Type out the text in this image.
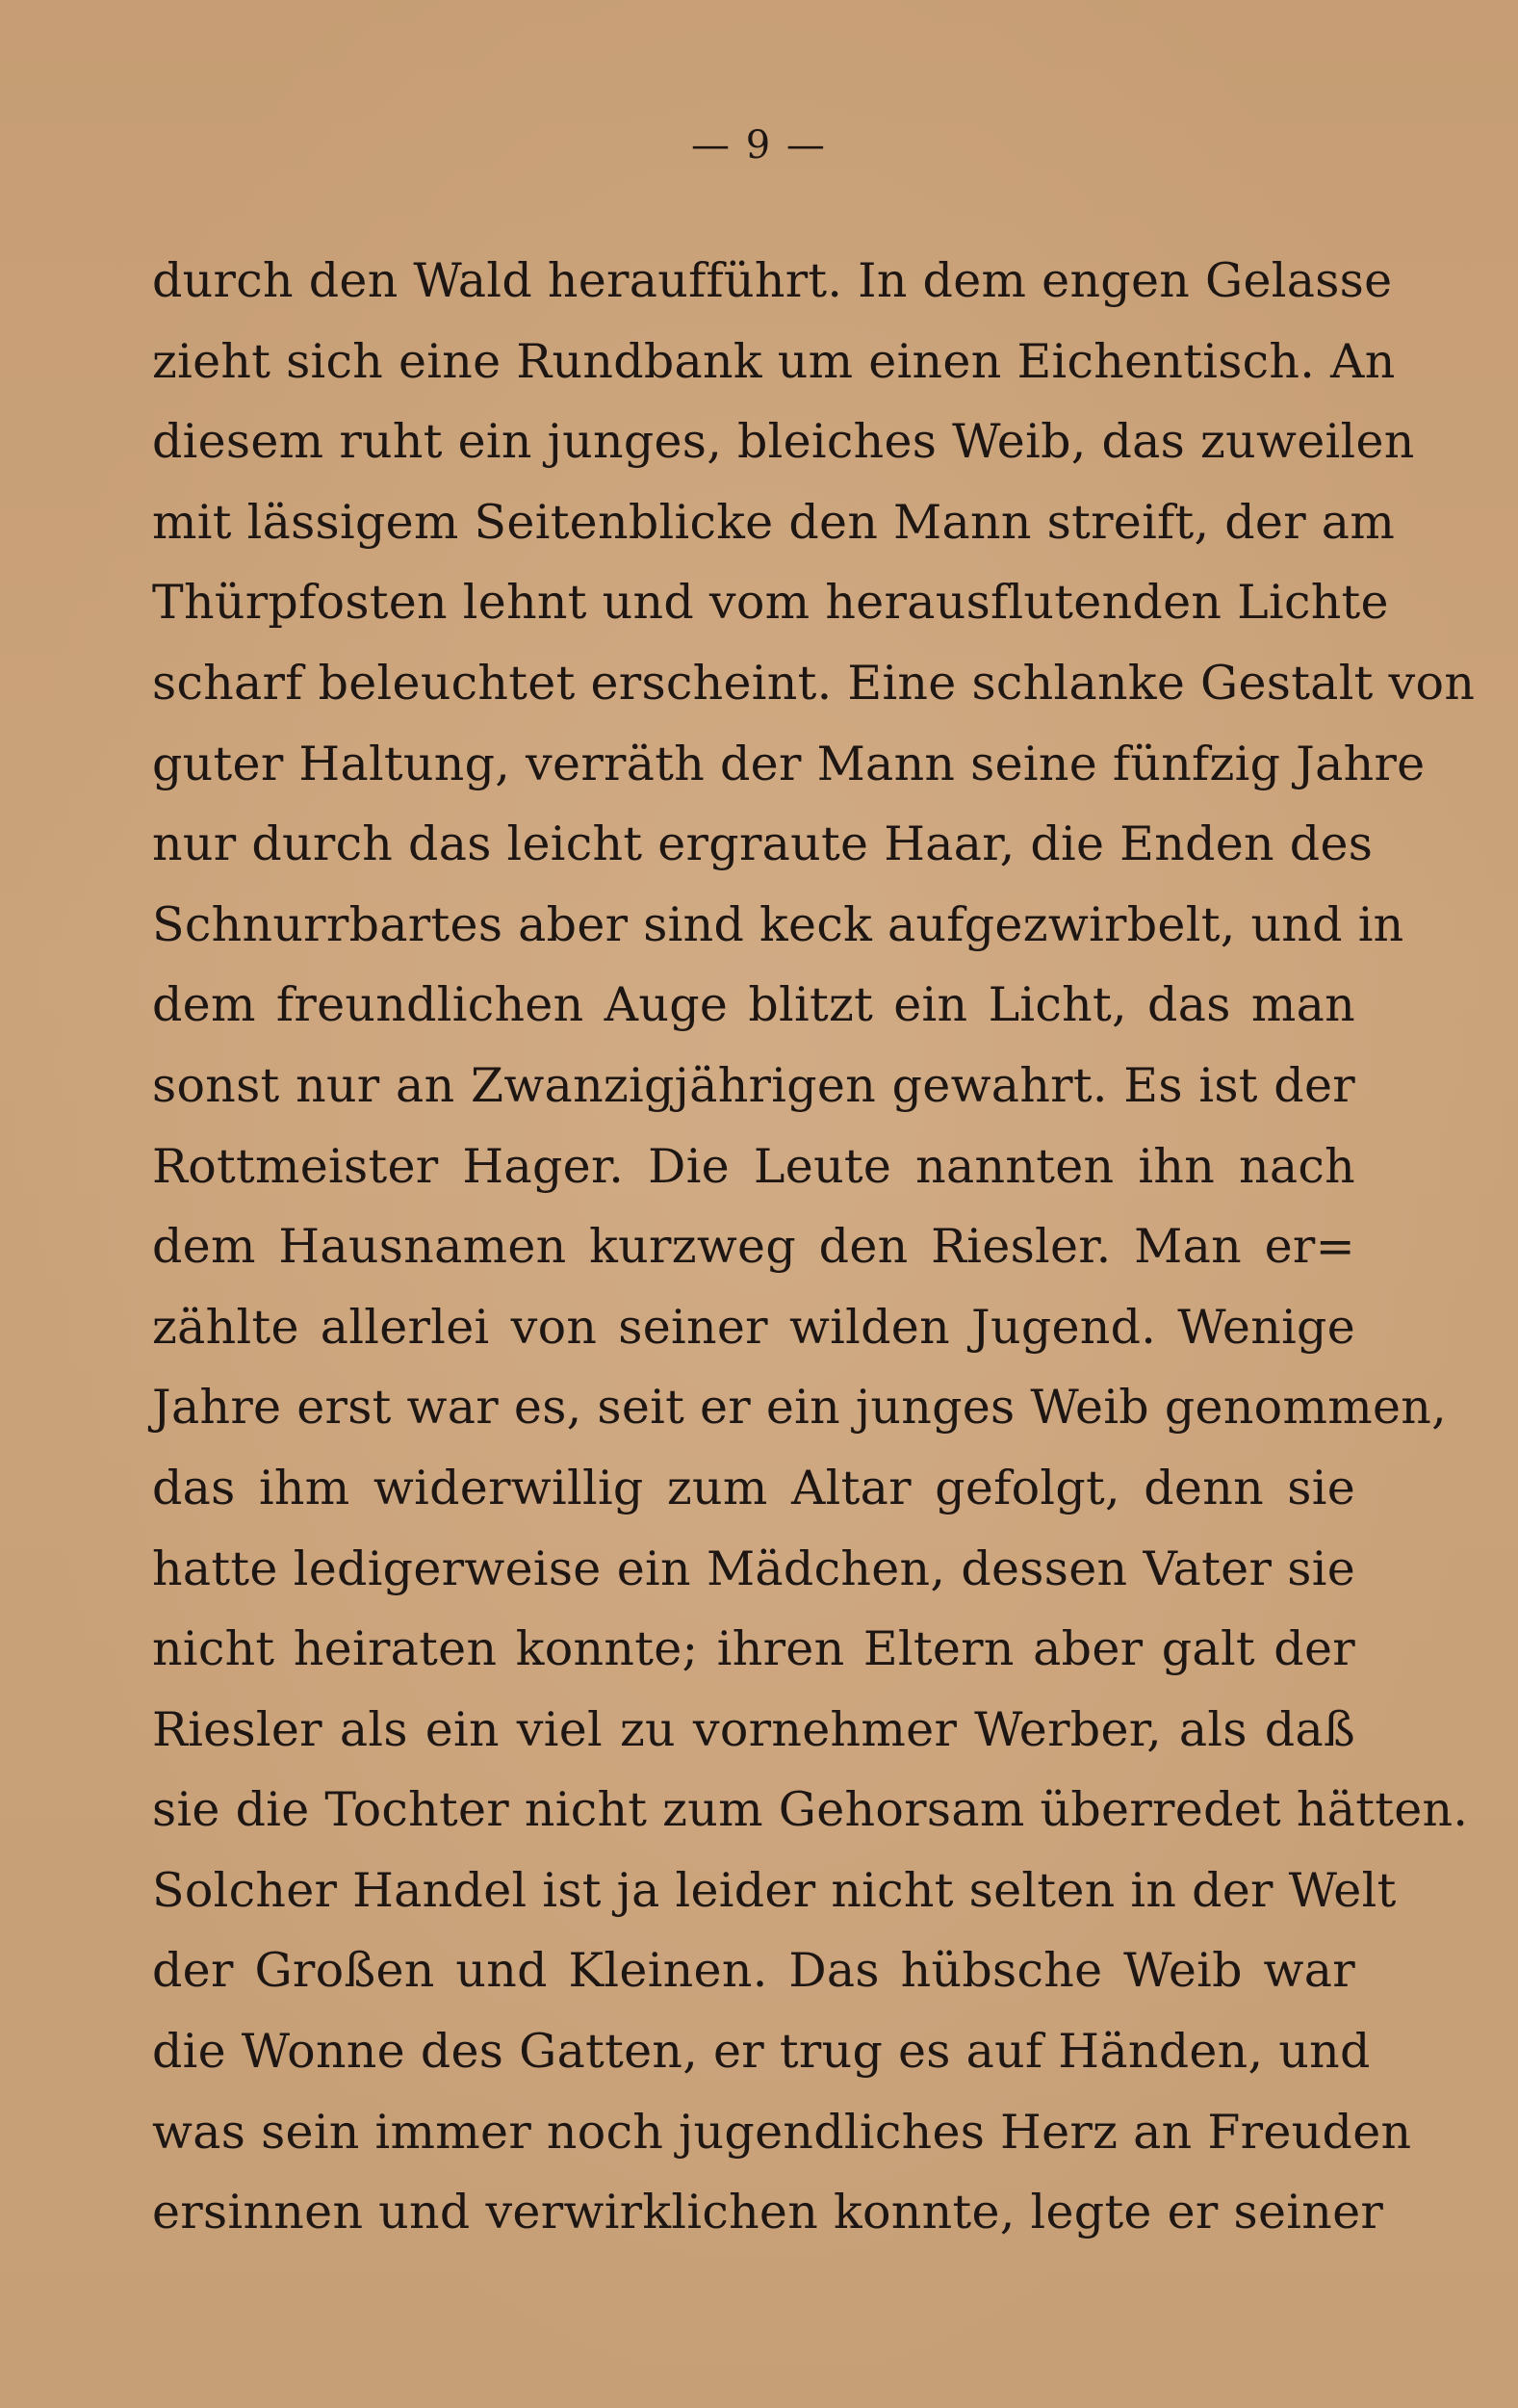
— 9 —
durch den Wald heraufführt. In dem engen Gelasse
zieht sich eine Rundbank um einen Eichentisch. An
diesem ruht ein junges, bleiches Weib, das zuweilen
mit lässigem Seitenblicke den Mann streift, der am
Thürpfosten lehnt und vom herausflutenden Lichte
scharf beleuchtet erscheint. Eine schlanke Gestalt von
guter Haltung, verräth der Mann seine fünfzig Jahre
nur durch das leicht ergraute Haar, die Enden des
Schnurrbartes aber sind keck aufgezwirbelt, und in
dem freundlichen Auge blitzt ein Licht, das man
sonst nur an Zwanzigjährigen gewahrt. Es ist der
Rottmeister Hager. Die Leute nannten ihn nach
dem Hausnamen kurzweg den Riesler. Man er=
zählte allerlei von seiner wilden Jugend. Wenige
Jahre erst war es, seit er ein junges Weib genommen,
das ihm widerwillig zum Altar gefolgt, denn sie
hatte ledigerweise ein Mädchen, dessen Vater sie
nicht heiraten konnte; ihren Eltern aber galt der
Riesler als ein viel zu vornehmer Werber, als daß
sie die Tochter nicht zum Gehorsam überredet hätten.
Solcher Handel ist ja leider nicht selten in der Welt
der Großen und Kleinen. Das hübsche Weib war
die Wonne des Gatten, er trug es auf Händen, und
was sein immer noch jugendliches Herz an Freuden
ersinnen und verwirklichen konnte, legte er seiner
